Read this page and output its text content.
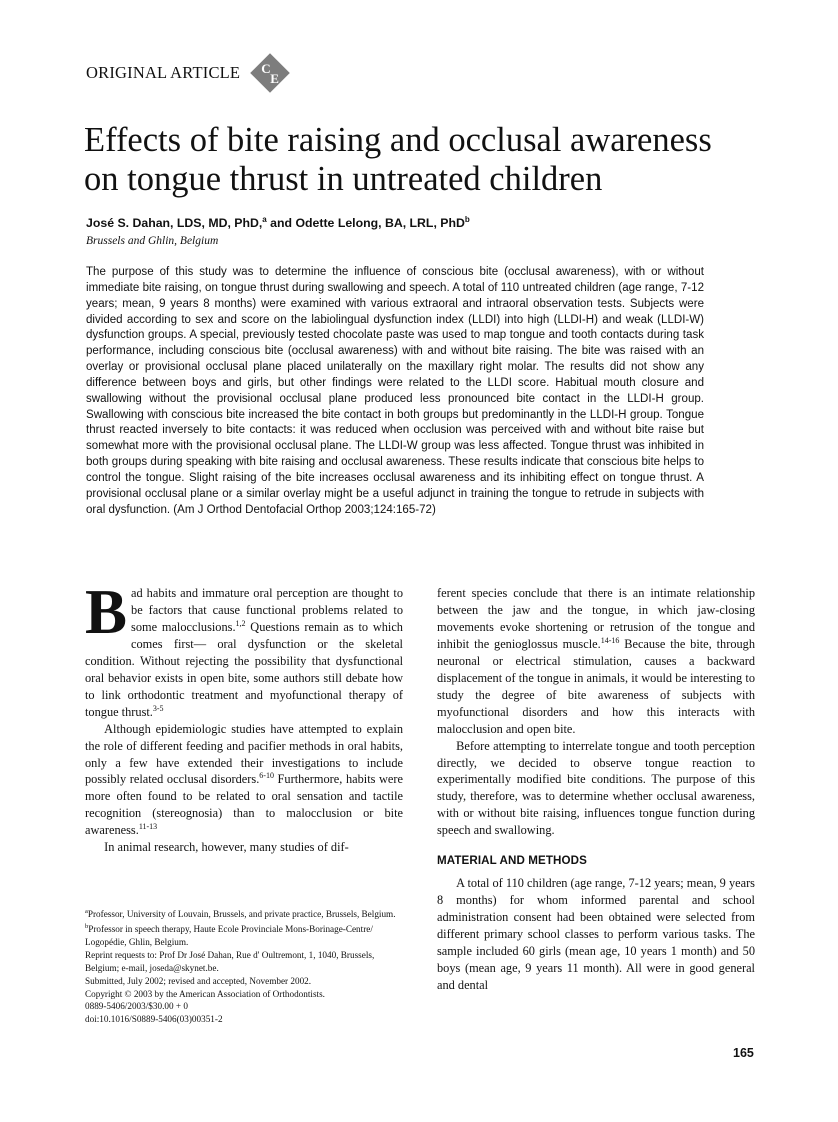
ORIGINAL ARTICLE C
E
Effects of bite raising and occlusal awareness
on tongue thrust in untreated children
José S. Dahan, LDS, MD, PhD,$^a$ and Odette Lelong, BA, LRL, PhD$^b$
Brussels and Ghlin, Belgium

The purpose of this study was to determine the influence of conscious bite (occlusal awareness), with or without immediate bite raising, on tongue thrust during swallowing and speech. A total of 110 untreated children (age range, 7-12 years; mean, 9 years 8 months) were examined with various extraoral and intraoral observation tests. Subjects were divided according to sex and score on the labiolingual dysfunction index (LLDI) into high (LLDI-H) and weak (LLDI-W) dysfunction groups. A special, previously tested chocolate paste was used to map tongue and tooth contacts during task performance, including conscious bite (occlusal awareness) with and without bite raising. The bite was raised with an overlay or provisional occlusal plane placed unilaterally on the maxillary right molar. The results did not show any difference between boys and girls, but other findings were related to the LLDI score. Habitual mouth closure and swallowing without the provisional occlusal plane produced less pronounced bite contact in the LLDI-H group. Swallowing with conscious bite increased the bite contact in both groups but predominantly in the LLDI-H group. Tongue thrust reacted inversely to bite contacts: it was reduced when occlusion was perceived with and without bite raise but somewhat more with the provisional occlusal plane. The LLDI-W group was less affected. Tongue thrust was inhibited in both groups during speaking with bite raising and occlusal awareness. These results indicate that conscious bite helps to control the tongue. Slight raising of the bite increases occlusal awareness and its inhibiting effect on tongue thrust. A provisional occlusal plane or a similar overlay might be a useful adjunct in training the tongue to retrude in subjects with oral dysfunction. (Am J Orthod Dentofacial Orthop 2003;124:165-72)

Bad habits and immature oral perception are thought to be factors that cause functional problems related to some malocclusions.$^{1,2}$ Questions remain as to which comes first— oral dysfunction or the skeletal condition. Without rejecting the possibility that dysfunctional oral behavior exists in open bite, some authors still debate how to link orthodontic treatment and myofunctional therapy of tongue thrust.$^{3-5}$

Although epidemiologic studies have attempted to explain the role of different feeding and pacifier methods in oral habits, only a few have extended their investigations to include possibly related occlusal disorders.$^{6-10}$ Furthermore, habits were more often found to be related to oral sensation and tactile recognition (stereognosia) than to malocclusion or bite awareness.$^{11-13}$

In animal research, however, many studies of dif-

ferent species conclude that there is an intimate relationship between the jaw and the tongue, in which jaw-closing movements evoke shortening or retrusion of the tongue and inhibit the genioglossus muscle.$^{14-16}$ Because the bite, through neuronal or electrical stimulation, causes a backward displacement of the tongue in animals, it would be interesting to study the degree of bite awareness of subjects with myofunctional disorders and how this interacts with malocclusion and open bite.

Before attempting to interrelate tongue and tooth perception directly, we decided to observe tongue reaction to experimentally modified bite conditions. The purpose of this study, therefore, was to determine whether occlusal awareness, with or without bite raising, influences tongue function during speech and swallowing.

MATERIAL AND METHODS

A total of 110 children (age range, 7-12 years; mean, 9 years 8 months) for whom informed parental and school administration consent had been obtained were selected from different primary school classes to perform various tasks. The sample included 60 girls (mean age, 10 years 1 month) and 50 boys (mean age, 9 years 11 month). All were in good general and dental

$^a$Professor, University of Louvain, Brussels, and private practice, Brussels, Belgium.
$^b$Professor in speech therapy, Haute Ecole Provinciale Mons-Borinage-Centre/ Logopédie, Ghlin, Belgium.
Reprint requests to: Prof Dr José Dahan, Rue d' Oultremont, 1, 1040, Brussels, Belgium; e-mail, joseda@skynet.be.
Submitted, July 2002; revised and accepted, November 2002.
Copyright © 2003 by the American Association of Orthodontists.
0889-5406/2003/$30.00 + 0
doi:10.1016/S0889-5406(03)00351-2
165
